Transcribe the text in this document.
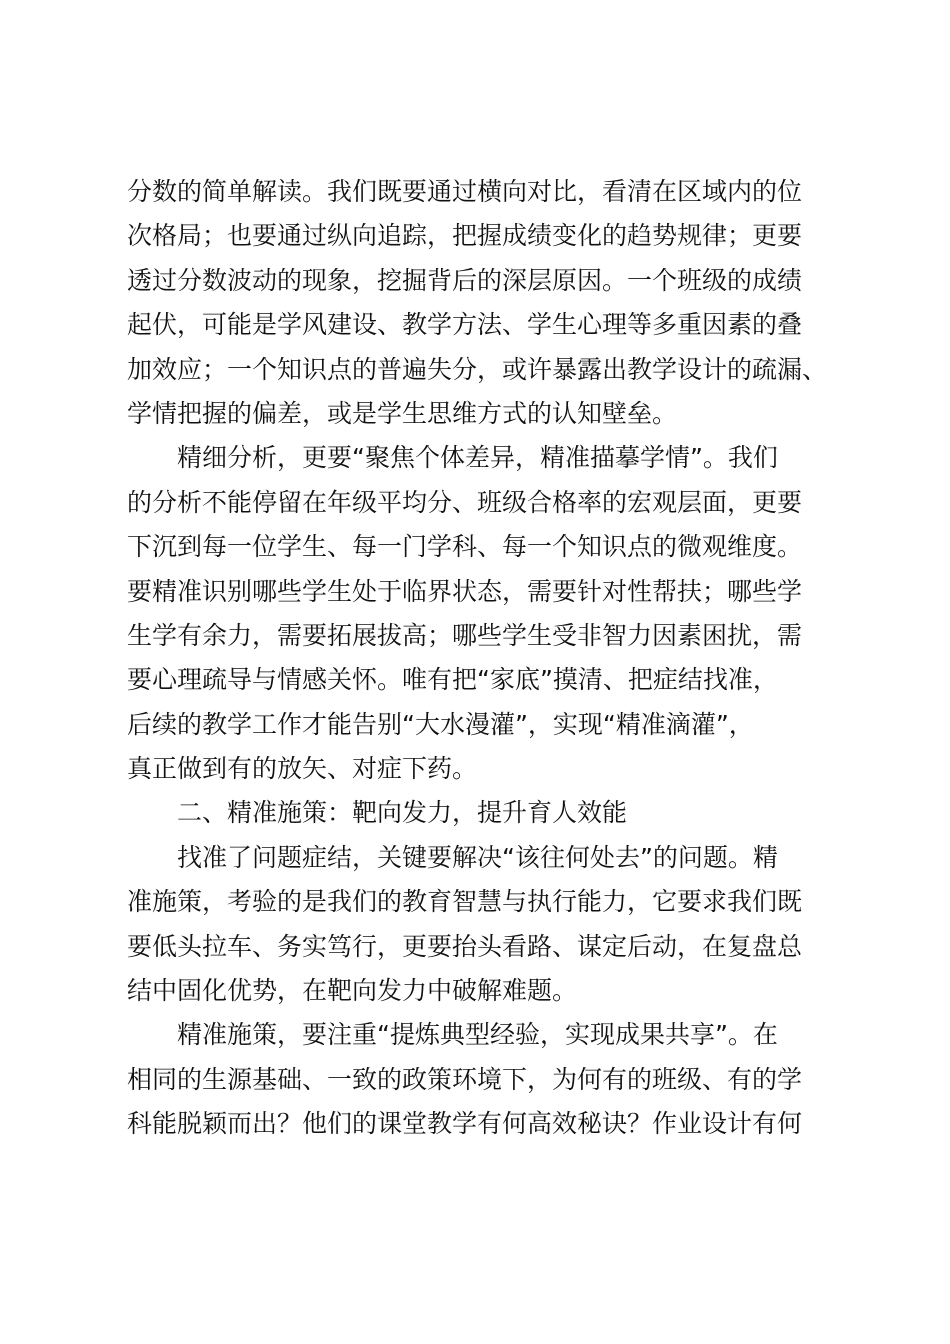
分数的简单解读。我们既要通过横向对比，看清在区域内的位
次格局；也要通过纵向追踪，把握成绩变化的趋势规律；更要
透过分数波动的现象，挖掘背后的深层原因。一个班级的成绩
起伏，可能是学风建设、教学方法、学生心理等多重因素的叠
加效应；一个知识点的普遍失分，或许暴露出教学设计的疏漏、
学情把握的偏差，或是学生思维方式的认知壁垒。
精细分析，更要“聚焦个体差异，精准描摹学情”。我们
的分析不能停留在年级平均分、班级合格率的宏观层面，更要
下沉到每一位学生、每一门学科、每一个知识点的微观维度。
要精准识别哪些学生处于临界状态，需要针对性帮扶；哪些学
生学有余力，需要拓展拔高；哪些学生受非智力因素困扰，需
要心理疏导与情感关怀。唯有把“家底”摸清、把症结找准，
后续的教学工作才能告别“大水漫灌”，实现“精准滴灌”，
真正做到有的放矢、对症下药。
二、精准施策：靶向发力，提升育人效能
找准了问题症结，关键要解决“该往何处去”的问题。精
准施策，考验的是我们的教育智慧与执行能力，它要求我们既
要低头拉车、务实笃行，更要抬头看路、谋定后动，在复盘总
结中固化优势，在靶向发力中破解难题。
精准施策，要注重“提炼典型经验，实现成果共享”。在
相同的生源基础、一致的政策环境下，为何有的班级、有的学
科能脱颖而出？他们的课堂教学有何高效秘诀？作业设计有何
